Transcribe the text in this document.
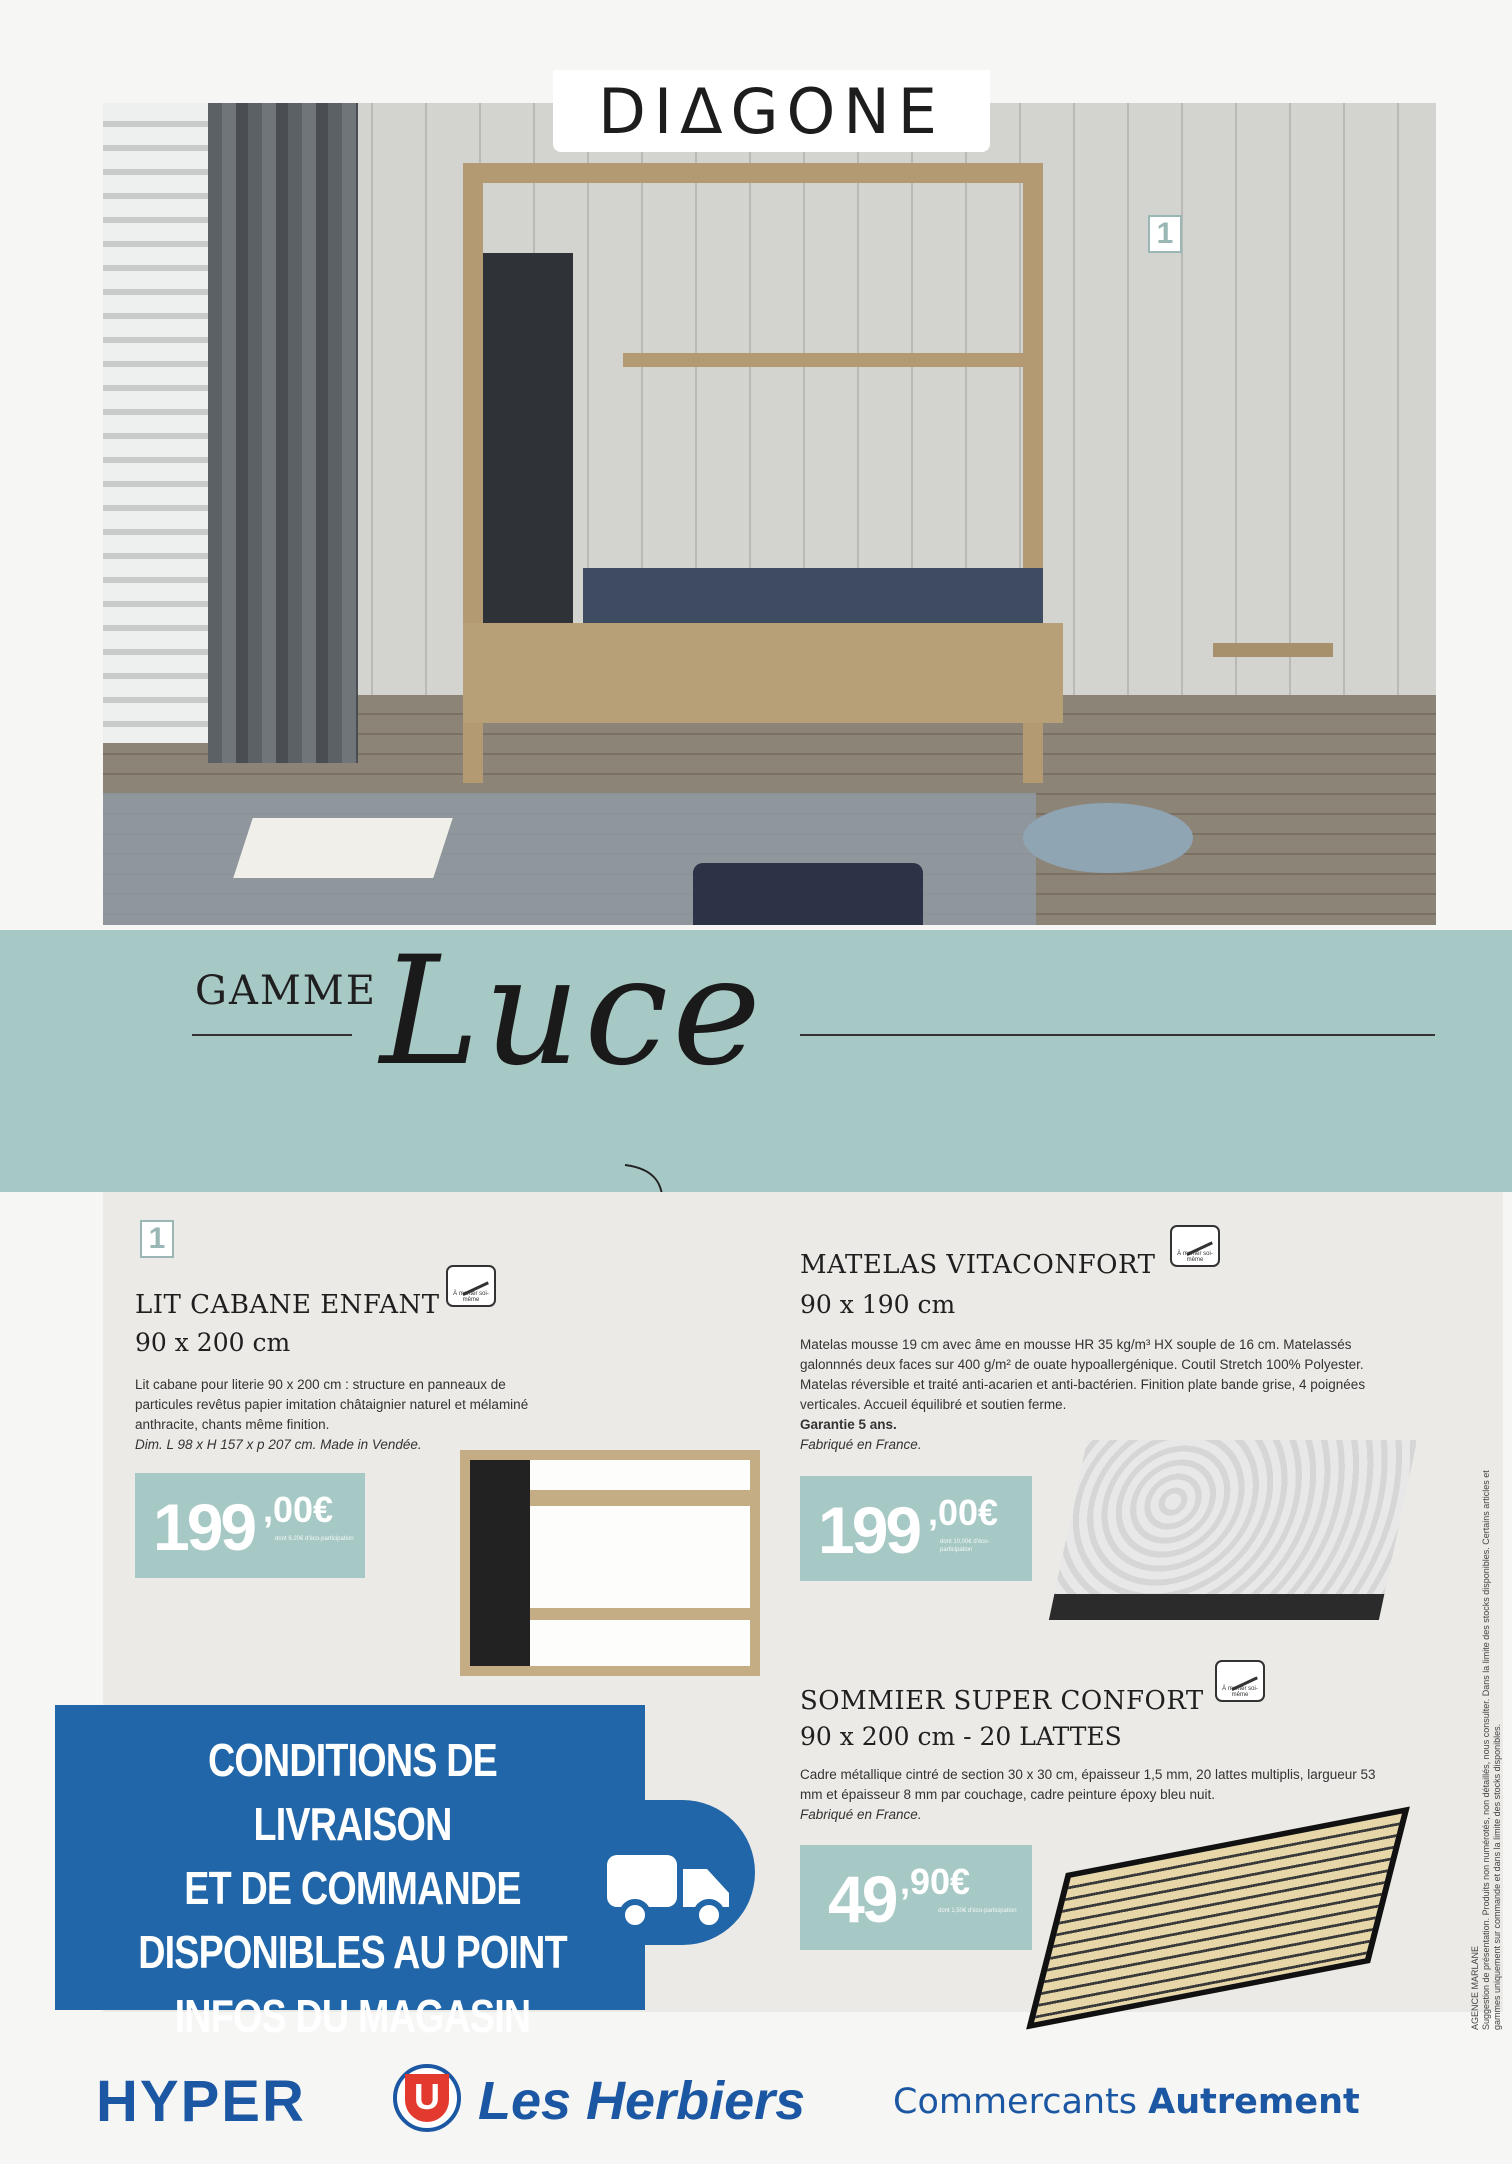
1
DIΔGONE
GAMME Luce
1
LIT CABANE ENFANT	À monter soi-même
90 x 200 cm
Lit cabane pour literie 90 x 200 cm : structure en panneaux de particules revêtus papier imitation châtaignier naturel et mélaminé anthracite, chants même finition.
Dim. L 98 x H 157 x p 207 cm. Made in Vendée.
199 ,00€
dont 6,20€ d'éco-participation
MATELAS VITACONFORT	À monter soi-même
90 x 190 cm
Matelas mousse 19 cm avec âme en mousse HR 35 kg/m³ HX souple de 16 cm. Matelassés galonnnés deux faces sur 400 g/m² de ouate hypoallergénique. Coutil Stretch 100% Polyester. Matelas réversible et traité anti-acarien et anti-bactérien. Finition plate bande grise, 4 poignées verticales. Accueil équilibré et soutien ferme.
Garantie 5 ans.
Fabriqué en France.
199 ,00€
dont 10,00€ d'éco-participation
SOMMIER SUPER CONFORT	À monter soi-même
90 x 200 cm - 20 LATTES
Cadre métallique cintré de section 30 x 30 cm, épaisseur 1,5 mm, 20 lattes multiplis, largueur 53 mm et épaisseur 8 mm par couchage, cadre peinture époxy bleu nuit.
Fabriqué en France.
49 ,90€
dont 1,50€ d'éco-participation
CONDITIONS DE LIVRAISON
ET DE COMMANDE
DISPONIBLES AU POINT
INFOS DU MAGASIN
HYPER	U Les Herbiers	Commercants Autrement
AGENCE MARLANE Suggestion de présentation. Produits non numérotés, non détaillés, nous consulter. Dans la limite des stocks disponibles. Certains articles et gammes uniquement sur commande et dans la limite des stocks disponibles.
